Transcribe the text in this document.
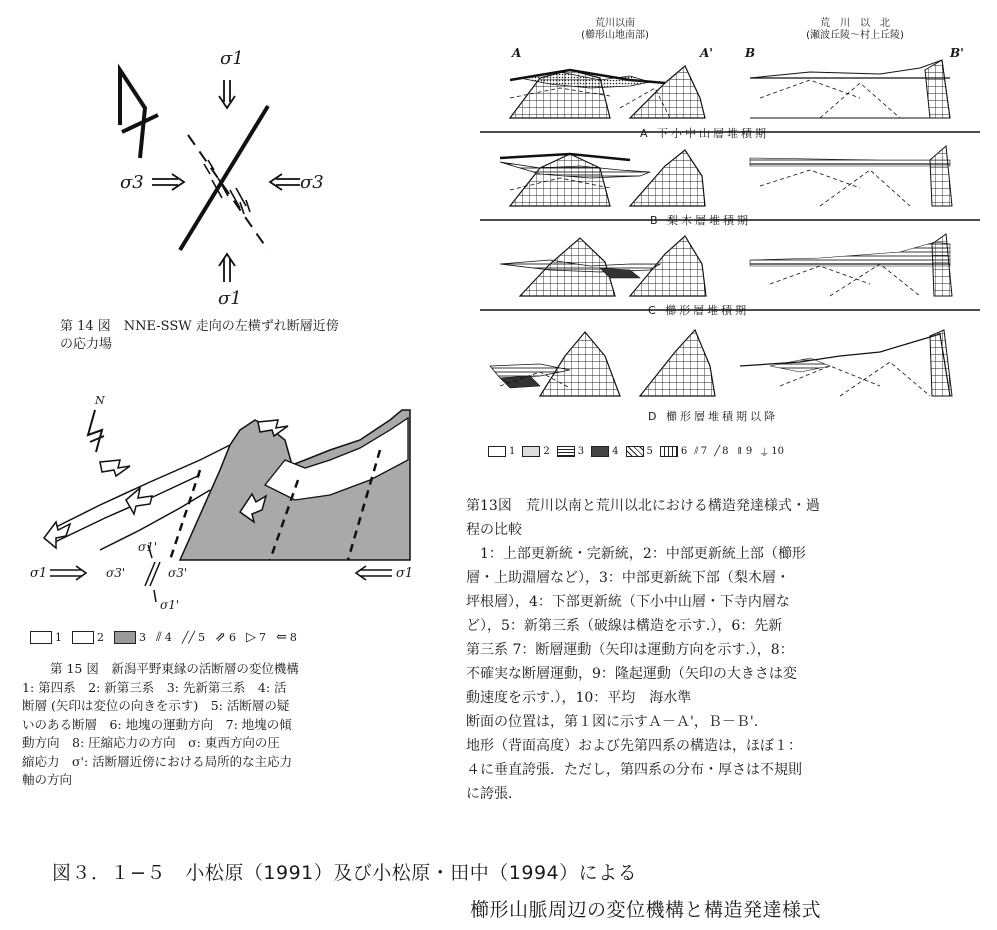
σ1
σ1
σ3	σ3
第 14 図　NNE-SSW 走向の左横ずれ断層近傍
の応力場
N
σ1	σ1
σ3'	σ3'
σ1'
σ1'
1	2	3 ⫽ 4 ╱╱ 5 ⇗ 6 ▷ 7 ⇐ 8
第 15 図　新潟平野東縁の活断層の変位機構
1: 第四系　2: 新第三系　3: 先新第三系　4: 活
断層 (矢印は変位の向きを示す)　5: 活断層の疑
いのある断層　6: 地塊の運動方向　7: 地塊の傾
動方向　8: 圧縮応力の方向　σ: 東西方向の圧
縮応力　σ': 活断層近傍における局所的な主応力
軸の方向
荒川以南
(櫛形山地南部)
荒　川　以　北
(瀬波丘陵～村上丘陵)
A	A'	B	B'
A 下小中山層堆積期
B 梨木層堆積期
C 櫛形層堆積期
D 櫛形層堆積期以降
1	2	3	4	5	6 ⫽ 7 ╱ 8 ⇑ 9 ⏚ 10
第13図　荒川以南と荒川以北における構造発達様式・過
程の比較
1：上部更新統・完新統，2：中部更新統上部（櫛形
層・上助淵層など），3：中部更新統下部（梨木層・
坪根層），4：下部更新統（下小中山層・下寺内層な
ど），5：新第三系（破線は構造を示す.），6：先新
第三系 7：断層運動（矢印は運動方向を示す.），8：
不確実な断層運動，9：隆起運動（矢印の大きさは変
動速度を示す.），10：平均　海水準
断面の位置は，第１図に示すＡ－Ａ'，Ｂ－Ｂ'.
地形（背面高度）および先第四系の構造は，ほぼ１：
４に垂直誇張．ただし，第四系の分布・厚さは不規則
に誇張.
図３．１−５　小松原（1991）及び小松原・田中（1994）による
櫛形山脈周辺の変位機構と構造発達様式
